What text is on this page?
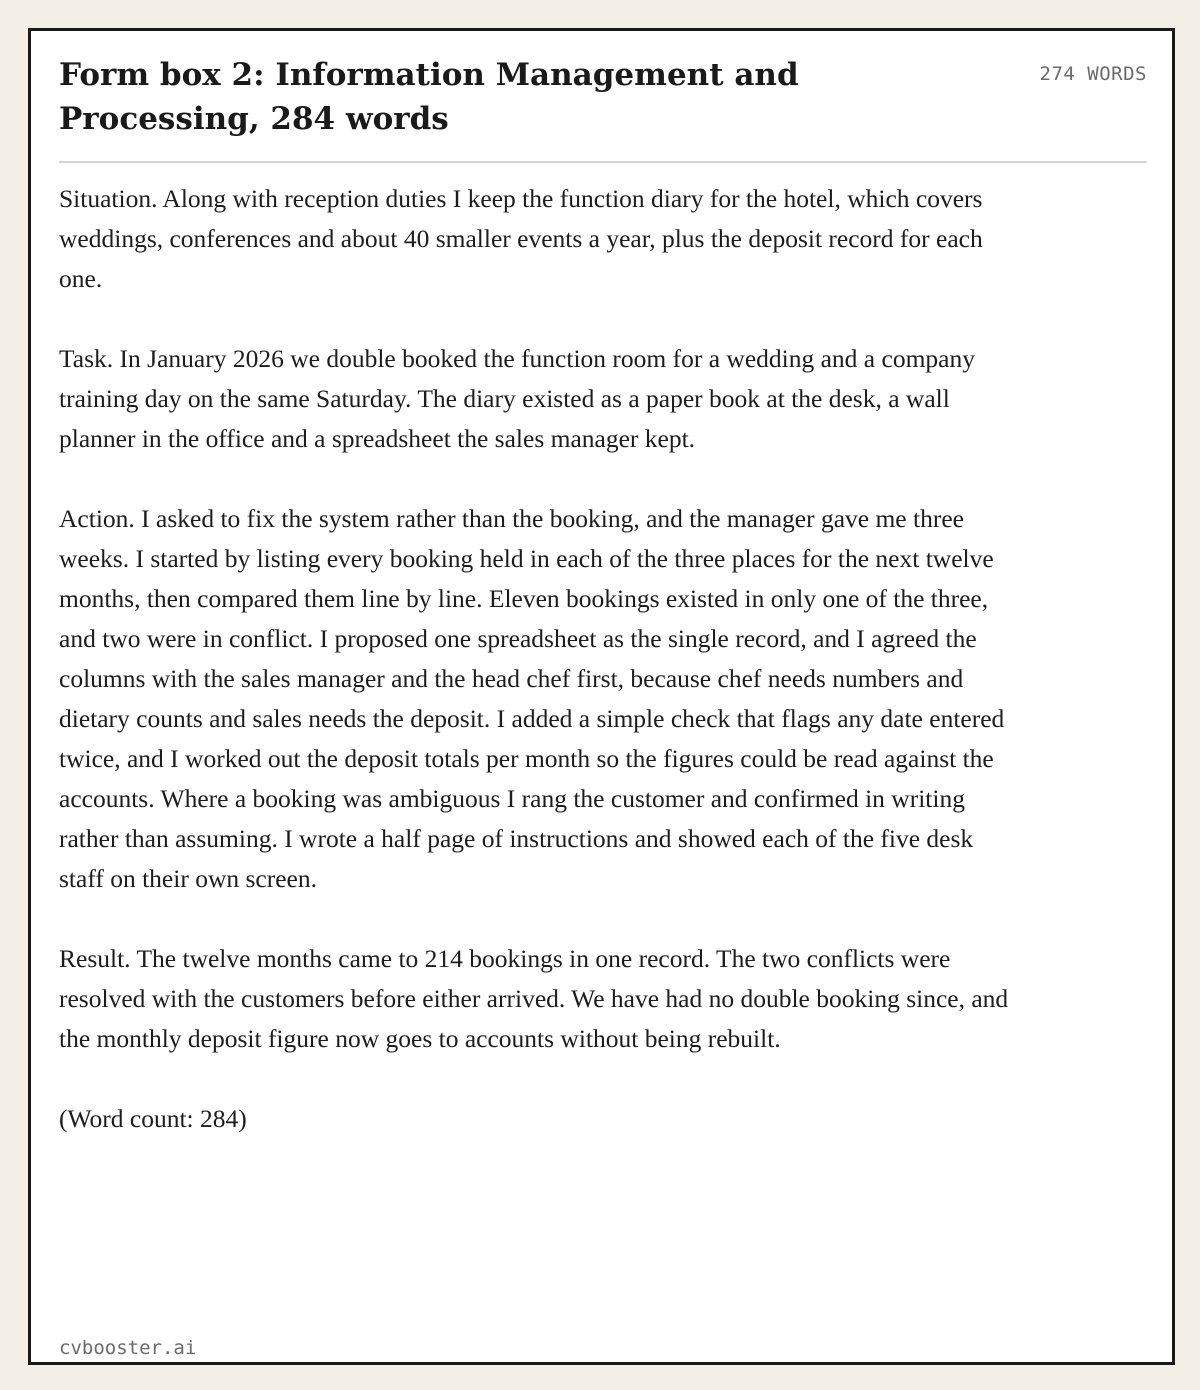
Form box 2: Information Management and Processing, 284 words
274 WORDS

Situation. Along with reception duties I keep the function diary for the hotel, which covers weddings, conferences and about 40 smaller events a year, plus the deposit record for each one.

Task. In January 2026 we double booked the function room for a wedding and a company training day on the same Saturday. The diary existed as a paper book at the desk, a wall planner in the office and a spreadsheet the sales manager kept.

Action. I asked to fix the system rather than the booking, and the manager gave me three weeks. I started by listing every booking held in each of the three places for the next twelve months, then compared them line by line. Eleven bookings existed in only one of the three, and two were in conflict. I proposed one spreadsheet as the single record, and I agreed the columns with the sales manager and the head chef first, because chef needs numbers and dietary counts and sales needs the deposit. I added a simple check that flags any date entered twice, and I worked out the deposit totals per month so the figures could be read against the accounts. Where a booking was ambiguous I rang the customer and confirmed in writing rather than assuming. I wrote a half page of instructions and showed each of the five desk staff on their own screen.

Result. The twelve months came to 214 bookings in one record. The two conflicts were resolved with the customers before either arrived. We have had no double booking since, and the monthly deposit figure now goes to accounts without being rebuilt.

(Word count: 284)

cvbooster.ai
